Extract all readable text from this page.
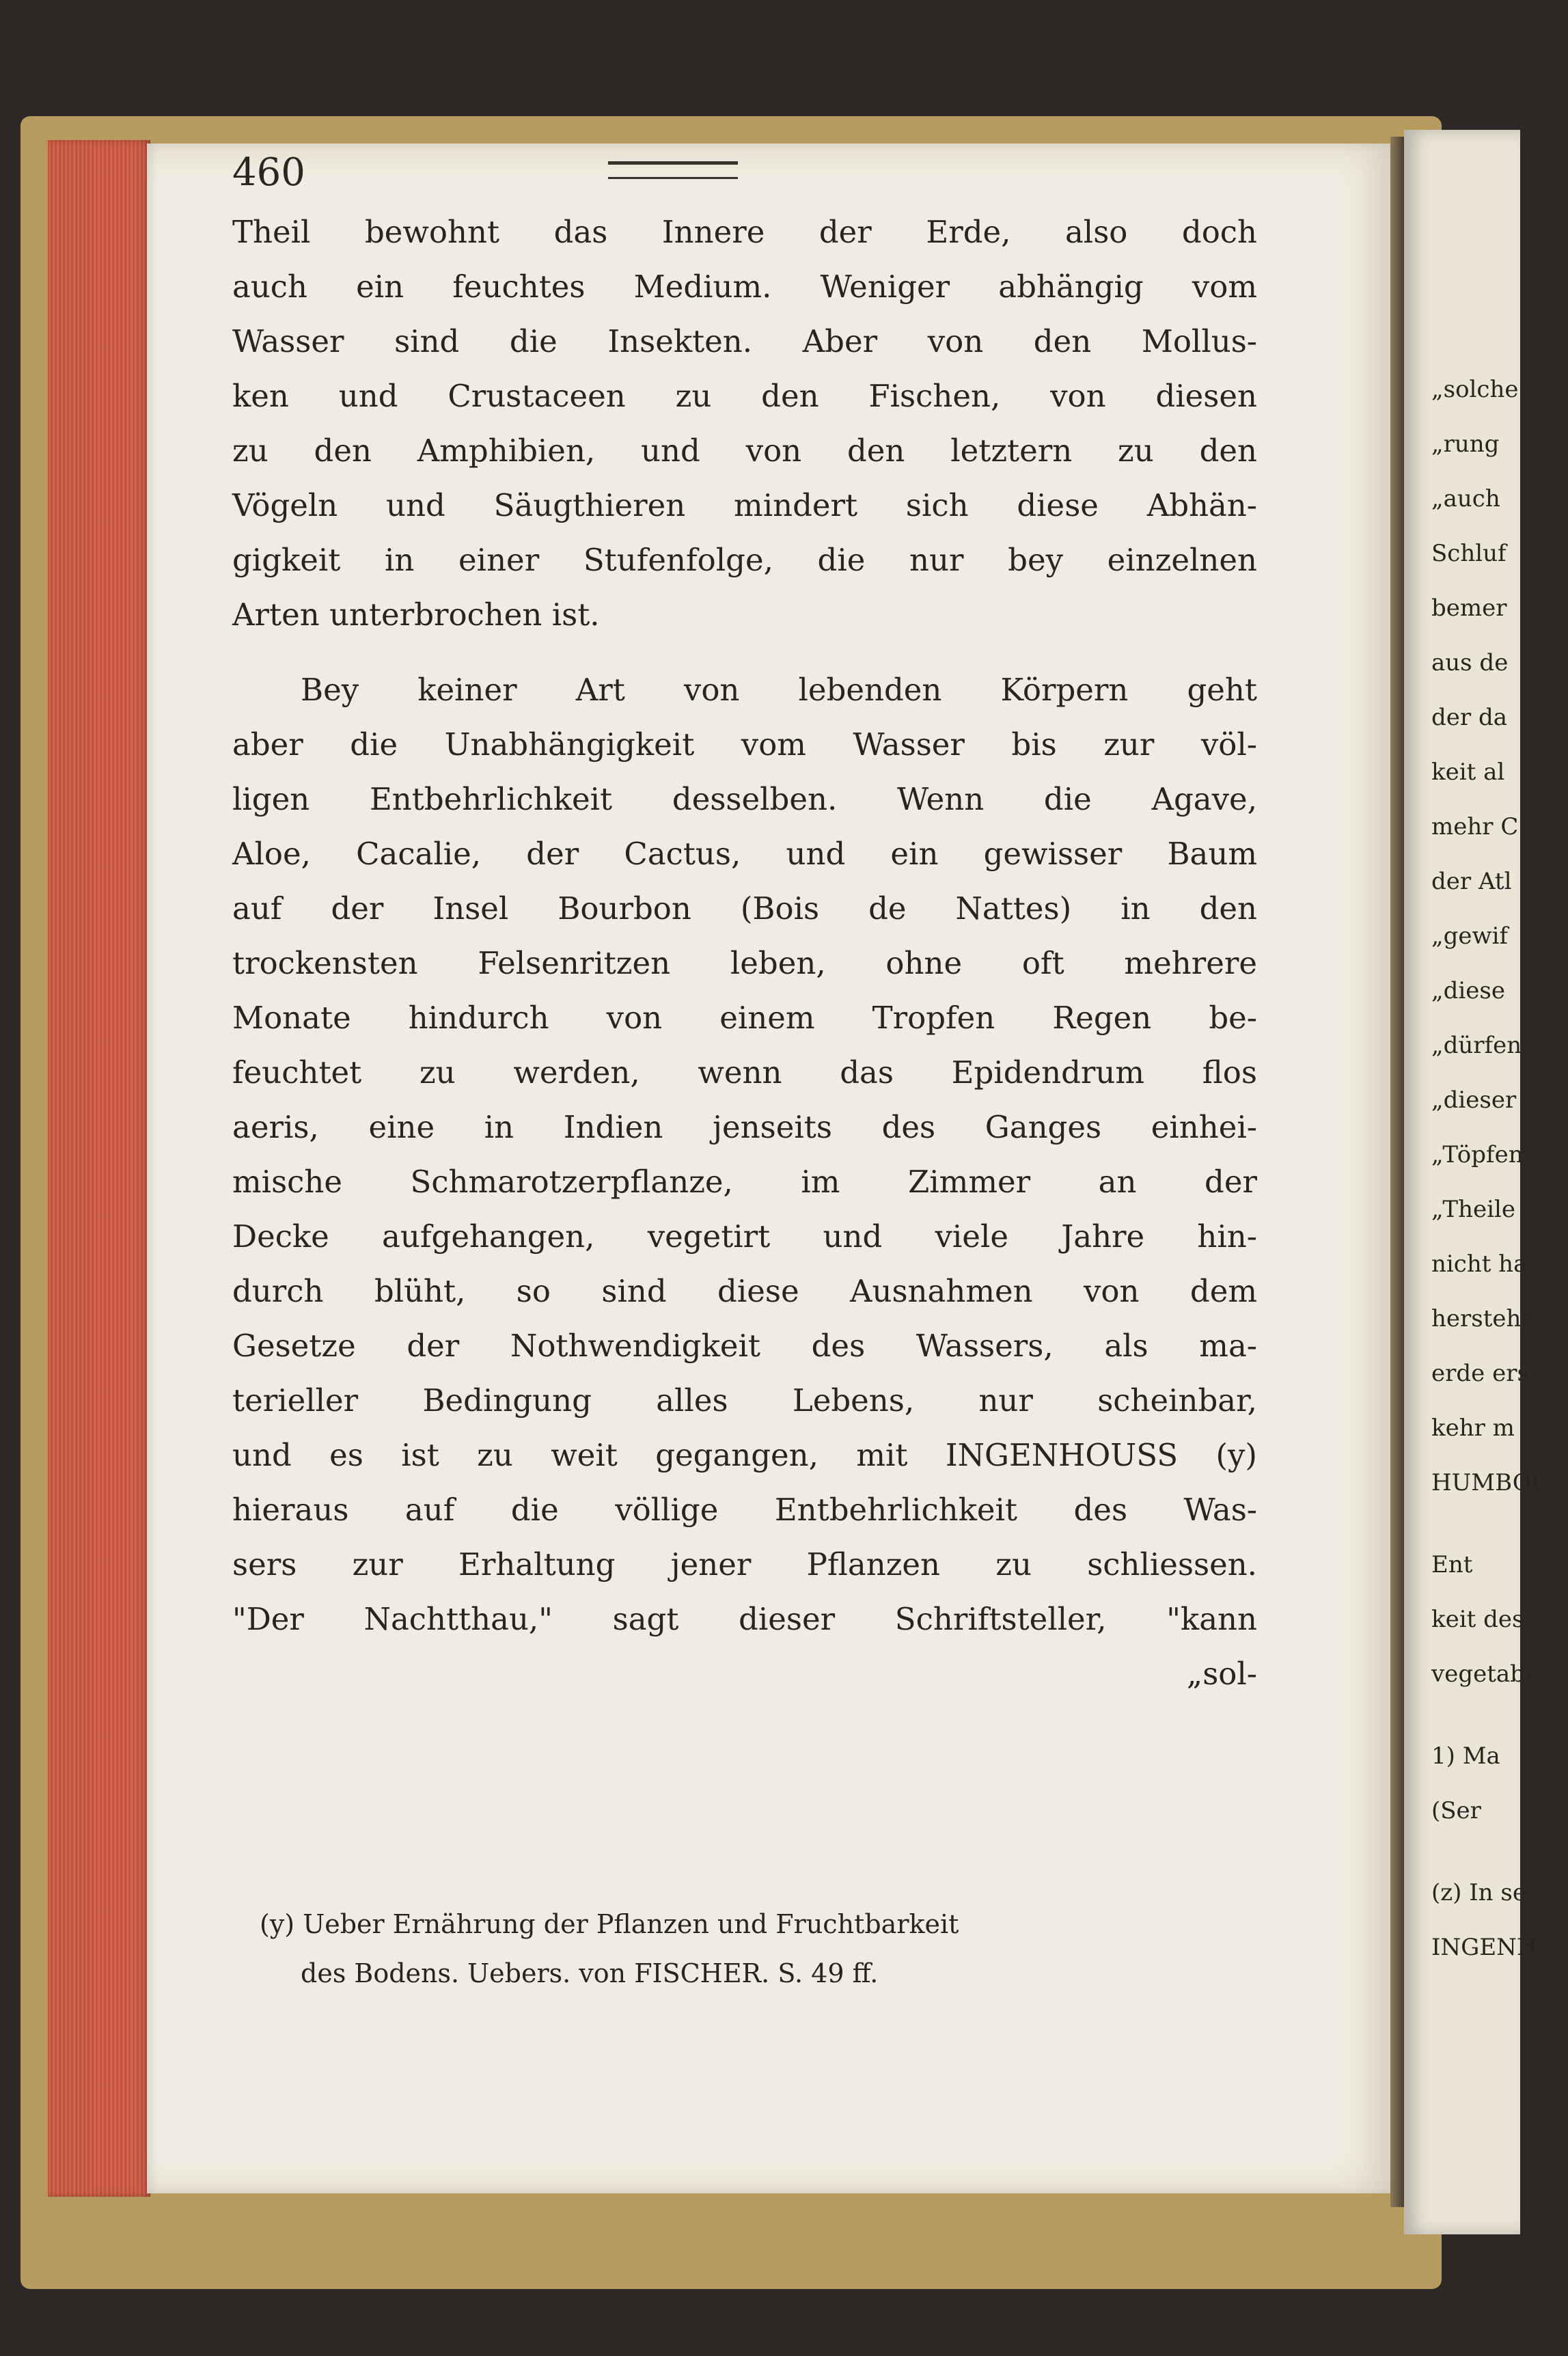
460
Theil bewohnt das Innere der Erde, also doch
auch ein feuchtes Medium. Weniger abhängig vom
Wasser sind die Insekten. Aber von den Mollus-
ken und Crustaceen zu den Fischen, von diesen
zu den Amphibien, und von den letztern zu den
Vögeln und Säugthieren mindert sich diese Abhän-
gigkeit in einer Stufenfolge, die nur bey einzelnen
Arten unterbrochen ist.
Bey keiner Art von lebenden Körpern geht
aber die Unabhängigkeit vom Wasser bis zur völ-
ligen Entbehrlichkeit desselben. Wenn die Agave,
Aloe, Cacalie, der Cactus, und ein gewisser Baum
auf der Insel Bourbon (Bois de Nattes) in den
trockensten Felsenritzen leben, ohne oft mehrere
Monate hindurch von einem Tropfen Regen be-
feuchtet zu werden, wenn das Epidendrum flos
aeris, eine in Indien jenseits des Ganges einhei-
mische Schmarotzerpflanze, im Zimmer an der
Decke aufgehangen, vegetirt und viele Jahre hin-
durch blüht, so sind diese Ausnahmen von dem
Gesetze der Nothwendigkeit des Wassers, als ma-
terieller Bedingung alles Lebens, nur scheinbar,
und es ist zu weit gegangen, mit INGENHOUSS (y)
hieraus auf die völlige Entbehrlichkeit des Was-
sers zur Erhaltung jener Pflanzen zu schliessen.
"Der Nachtthau," sagt dieser Schriftsteller, "kann
„sol-
(y) Ueber Ernährung der Pflanzen und Fruchtbarkeit
des Bodens. Uebers. von FISCHER. S. 49 ff.
„solche
„rung
„auch
Schluf
bemer
aus de
der da
keit al
mehr C
der Atl
„gewif
„diese
„dürfen
„dieser
„Töpfen
„Theile
nicht ha
herstehe
erde ers
kehr m
HUMBOL
Ent
keit des
vegetabi
1) Ma
(Ser
(z) In se
INGENH
